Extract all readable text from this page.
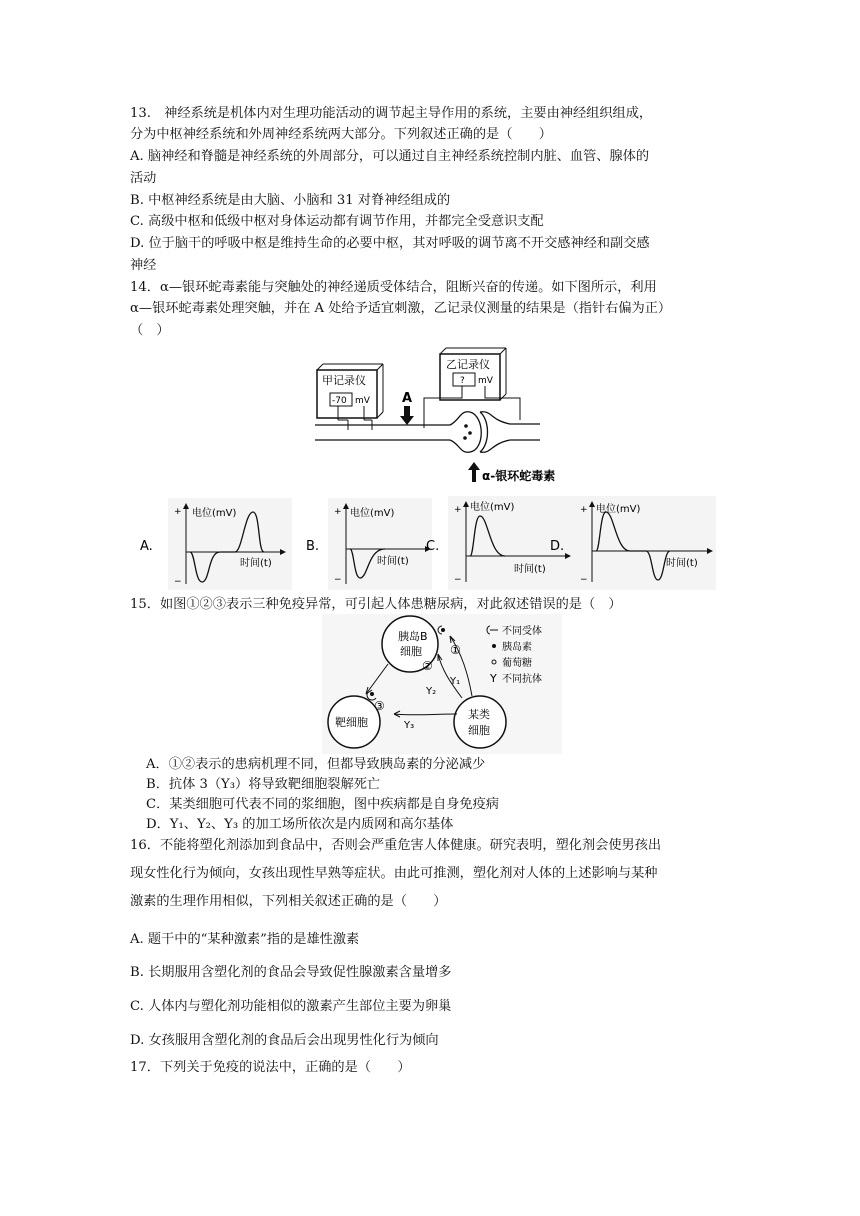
13.　神经系统是机体内对生理功能活动的调节起主导作用的系统，主要由神经组织组成，
分为中枢神经系统和外周神经系统两大部分。下列叙述正确的是（　　）
A. 脑神经和脊髓是神经系统的外周部分，可以通过自主神经系统控制内脏、血管、腺体的
活动
B. 中枢神经系统是由大脑、小脑和 31 对脊神经组成的
C. 高级中枢和低级中枢对身体运动都有调节作用，并都完全受意识支配
D. 位于脑干的呼吸中枢是维持生命的必要中枢，其对呼吸的调节离不开交感神经和副交感
神经
14．α—银环蛇毒素能与突触处的神经递质受体结合，阻断兴奋的传递。如下图所示，利用
α—银环蛇毒素处理突触，并在 A 处给予适宜刺激，乙记录仪测量的结果是（指针右偏为正）
（　）
甲记录仪
-70 mV
乙记录仪
? mV
A
α-银环蛇毒素
A.
+
−
电位(mV)
时间(t)
B.
+
−
电位(mV)
时间(t)
C.
+
−
电位(mV)
时间(t)
D.
+
−
电位(mV)
时间(t)
15．如图①②③表示三种免疫异常，可引起人体患糖尿病，对此叙述错误的是（　）
胰岛B
细胞
靶细胞
某类
细胞
①
②
③
Y₁
Y₂
Y₃
不同受体
胰岛素
葡萄糖
Y 不同抗体
A．①②表示的患病机理不同，但都导致胰岛素的分泌减少
B．抗体 3（Y₃）将导致靶细胞裂解死亡
C．某类细胞可代表不同的浆细胞，图中疾病都是自身免疫病
D．Y₁、Y₂、Y₃ 的加工场所依次是内质网和高尔基体
16．不能将塑化剂添加到食品中，否则会严重危害人体健康。研究表明，塑化剂会使男孩出
现女性化行为倾向，女孩出现性早熟等症状。由此可推测，塑化剂对人体的上述影响与某种
激素的生理作用相似，下列相关叙述正确的是（　　）
A. 题干中的“某种激素”指的是雄性激素
B. 长期服用含塑化剂的食品会导致促性腺激素含量增多
C. 人体内与塑化剂功能相似的激素产生部位主要为卵巢
D. 女孩服用含塑化剂的食品后会出现男性化行为倾向
17．下列关于免疫的说法中，正确的是（　　）
